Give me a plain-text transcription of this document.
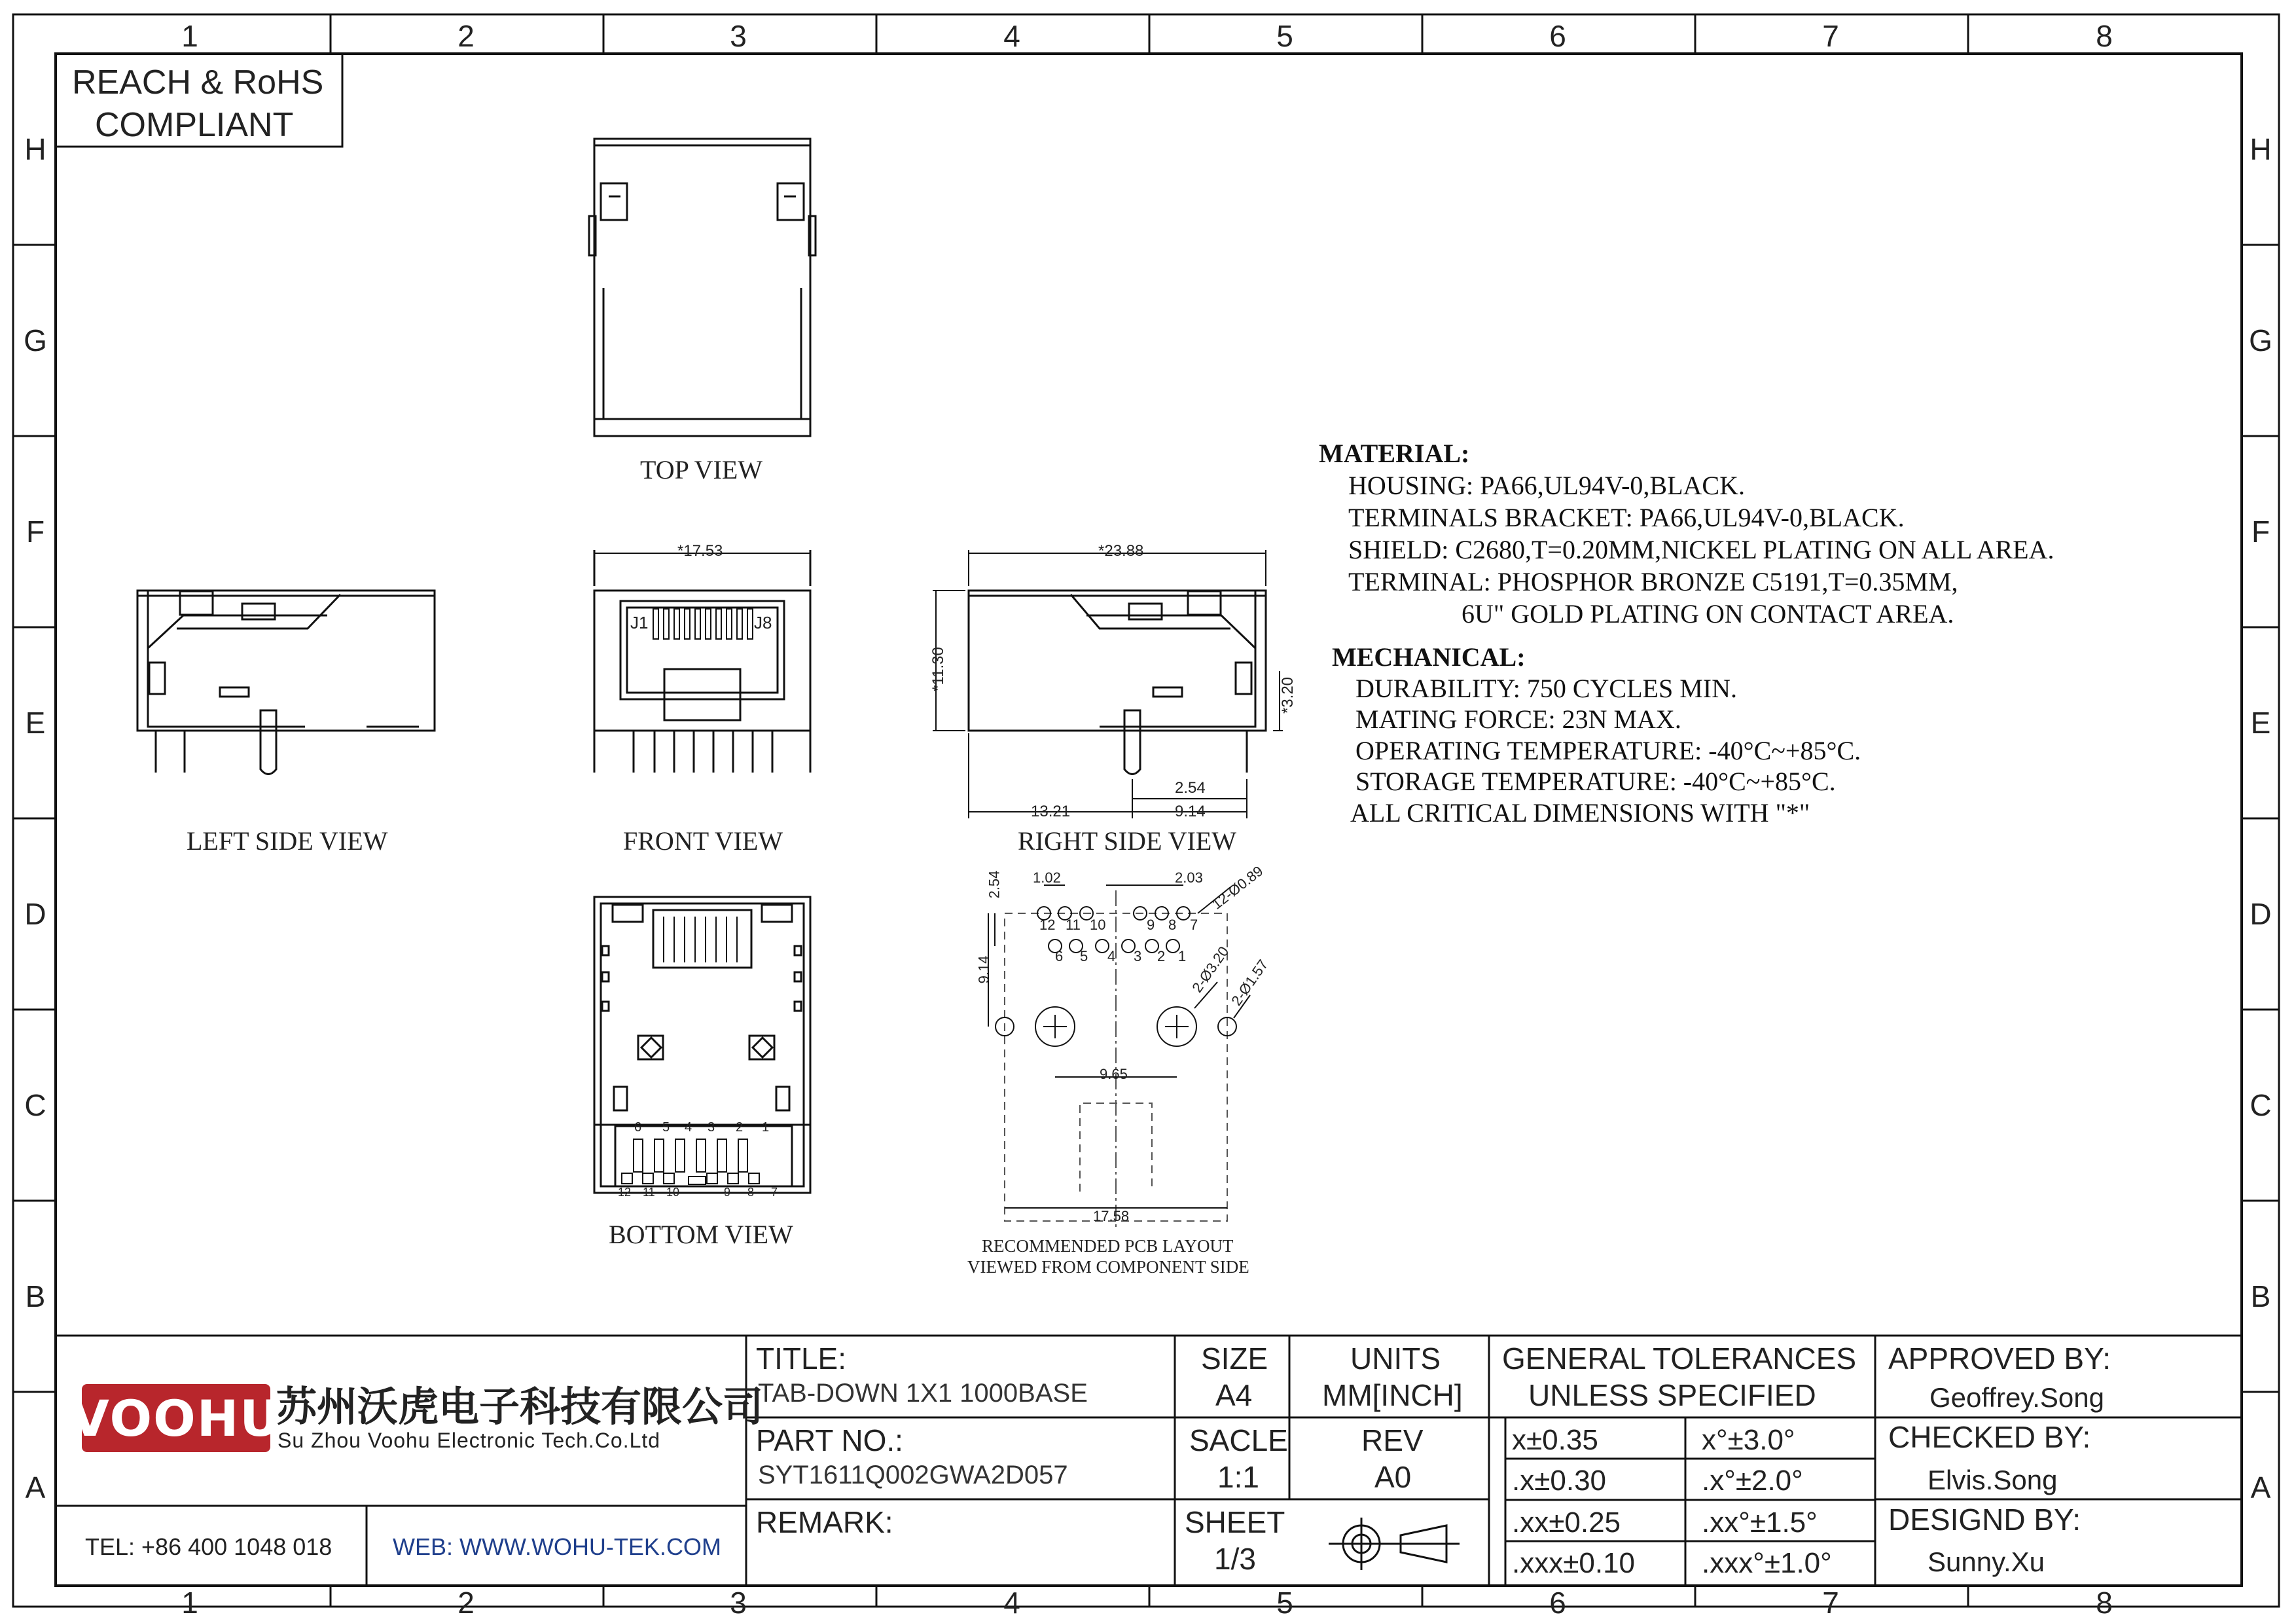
1	2	3	4	5	6	7	8
1	2	3	4	5	6	7	8
H
G
F
E
D
C
B
A
H
G
F
E
D
C
B
A
REACH & RoHS
COMPLIANT
TOP VIEW
LEFT SIDE VIEW	FRONT VIEW	RIGHT SIDE VIEW
BOTTOM VIEW	RECOMMENDED PCB LAYOUT
VIEWED FROM COMPONENT SIDE
*17.53	*23.88
*11.30
*3.20
2.54
13.21	9.14
J1	J8
2.54 1.02	2.03 12-Ø0.89
9.14	2-Ø3.20
2-Ø1.57
9.65
17.58
12 11 10	9 8 7
6 5 4 3 2 1
6 5 4 3 2 1
12 11 10	9 8 7
MATERIAL:
HOUSING: PA66,UL94V-0,BLACK.
TERMINALS BRACKET: PA66,UL94V-0,BLACK.
SHIELD: C2680,T=0.20MM,NICKEL PLATING ON ALL AREA.
TERMINAL: PHOSPHOR BRONZE C5191,T=0.35MM,
6U" GOLD PLATING ON CONTACT AREA.
MECHANICAL:
DURABILITY: 750 CYCLES MIN.
MATING FORCE: 23N MAX.
OPERATING TEMPERATURE: -40°C~+85°C.
STORAGE TEMPERATURE: -40°C~+85°C.
ALL CRITICAL DIMENSIONS WITH "*"
VOOHU
苏州沃虎电子科技有限公司
Su Zhou Voohu Electronic Tech.Co.Ltd
TEL: +86 400 1048 018	WEB: WWW.WOHU-TEK.COM
TITLE:
TAB-DOWN 1X1 1000BASE
PART NO.:
SYT1611Q002GWA2D057
REMARK:
SIZE
A4
UNITS
MM[INCH]
SACLE
1:1
REV
A0
SHEET
1/3
GENERAL TOLERANCES
UNLESS SPECIFIED
x±0.35	x°±3.0°
.x±0.30	.x°±2.0°
.xx±0.25	.xx°±1.5°
.xxx±0.10 .xxx°±1.0°
APPROVED BY:
Geoffrey.Song
CHECKED BY:
Elvis.Song
DESIGND BY:
Sunny.Xu
